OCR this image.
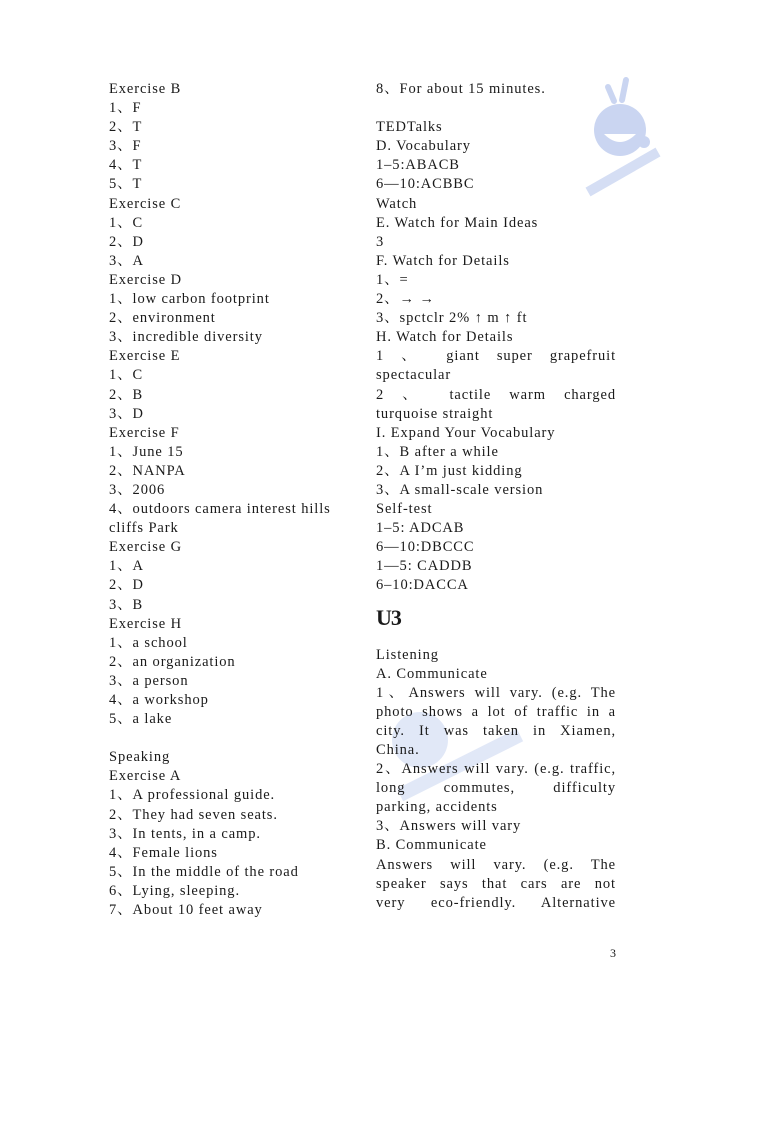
Exercise B
1、F
2、T
3、F
4、T
5、T
Exercise C
1、C
2、D
3、A
Exercise D
1、low carbon footprint
2、environment
3、incredible diversity
Exercise E
1、C
2、B
3、D
Exercise F
1、June 15
2、NANPA
3、2006
4、outdoors camera interest hills
cliffs Park
Exercise G
1、A
2、D
3、B
Exercise H
1、a school
2、an organization
3、a person
4、a workshop
5、a lake
Speaking
Exercise A
1、A professional guide.
2、They had seven seats.
3、In tents, in a camp.
4、Female lions
5、In the middle of the road
6、Lying, sleeping.
7、About 10 feet away
8、For about 15 minutes.
TEDTalks
D. Vocabulary
1–5:ABACB
6—10:ACBBC
Watch
E. Watch for Main Ideas
3
F. Watch for Details
1、=
2、→ →
3、spctclr 2% ↑ m ↑ ft
H. Watch for Details
1 、 giant super grapefruit
spectacular
2 、 tactile warm charged
turquoise straight
I. Expand Your Vocabulary
1、B after a while
2、A I’m just kidding
3、A small-scale version
Self-test
1–5: ADCAB
6—10:DBCCC
1—5: CADDB
6–10:DACCA
U3
Listening
A. Communicate
1、Answers will vary. (e.g. The
photo shows a lot of traffic in a
city. It was taken in Xiamen,
China.
2、Answers will vary. (e.g. traffic,
long commutes, difficulty
parking, accidents
3、Answers will vary
B. Communicate
Answers will vary. (e.g. The
speaker says that cars are not
very eco-friendly. Alternative
3
